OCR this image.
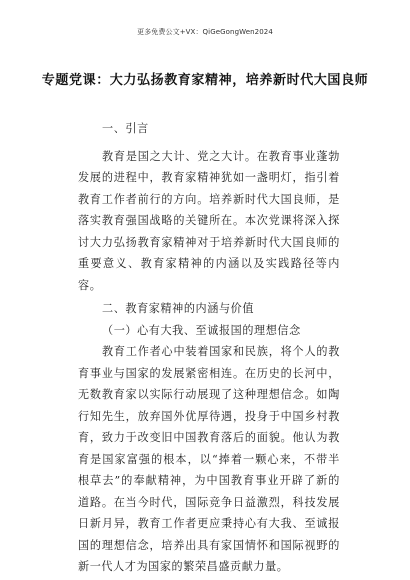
更多免费公文+VX：QiGeGongWen2024
专题党课：大力弘扬教育家精神，培养新时代大国良师

一、引言

教育是国之大计、党之大计。在教育事业蓬勃发展的进程中，教育家精神犹如一盏明灯，指引着教育工作者前行的方向。培养新时代大国良师，是落实教育强国战略的关键所在。本次党课将深入探讨大力弘扬教育家精神对于培养新时代大国良师的重要意义、教育家精神的内涵以及实践路径等内容。

二、教育家精神的内涵与价值

（一）心有大我、至诚报国的理想信念

教育工作者心中装着国家和民族，将个人的教育事业与国家的发展紧密相连。在历史的长河中，无数教育家以实际行动展现了这种理想信念。如陶行知先生，放弃国外优厚待遇，投身于中国乡村教育，致力于改变旧中国教育落后的面貌。他认为教育是国家富强的根本，以“捧着一颗心来，不带半根草去”的奉献精神，为中国教育事业开辟了新的道路。在当今时代，国际竞争日益激烈，科技发展日新月异，教育工作者更应秉持心有大我、至诚报国的理想信念，培养出具有家国情怀和国际视野的新一代人才为国家的繁荣昌盛贡献力量。
